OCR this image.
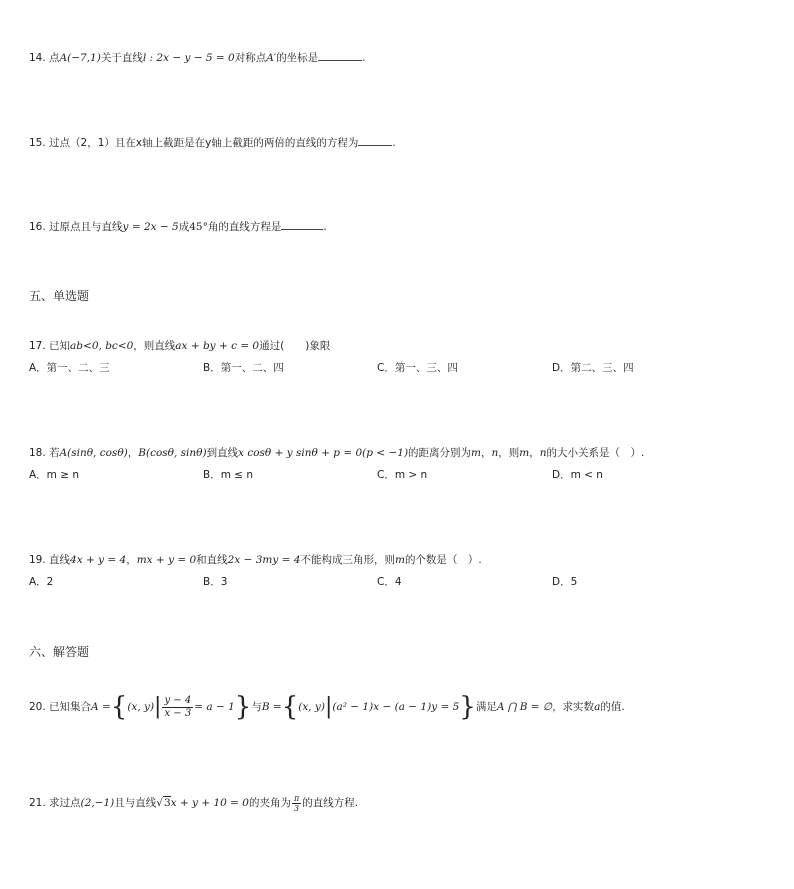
14. 点A(−7,1)关于直线l : 2x − y − 5 = 0对称点A′的坐标是	.
15. 过点（2，1）且在x轴上截距是在y轴上截距的两倍的直线的方程为	.
16. 过原点且与直线y = 2x − 5成45°角的直线方程是	.
五、单选题
17. 已知ab<0, bc<0，则直线ax + by + c = 0通过(　　)象限
A．第一、二、三	B．第一、二、四	C．第一、三、四	D．第二、三、四
18. 若A(sinθ, cosθ)，B(cosθ, sinθ)到直线x cosθ + y sinθ + p = 0(p < −1)的距离分别为m，n，则m，n的大小关系是（　）.
A．m ≥ n	B．m ≤ n	C．m > n	D．m < n
19. 直线4x + y = 4，mx + y = 0和直线2x − 3my = 4不能构成三角形，则m的个数是（　）.
A．2	B．3	C．4	D．5
六、解答题
20. 已知集合A ={(x, $y)| \frac{y - 4}{x - 3} = a - 1$}与B ={(x, y)|(a² − 1)x − (a − 1)y = 5}满足A ⋂ B = ∅，求实数a的值.
21. 求过点(2,−1)且与直线√3x + y + 10 = 0的夹角为 $\frac{\pi}{3}$ 的直线方程.
